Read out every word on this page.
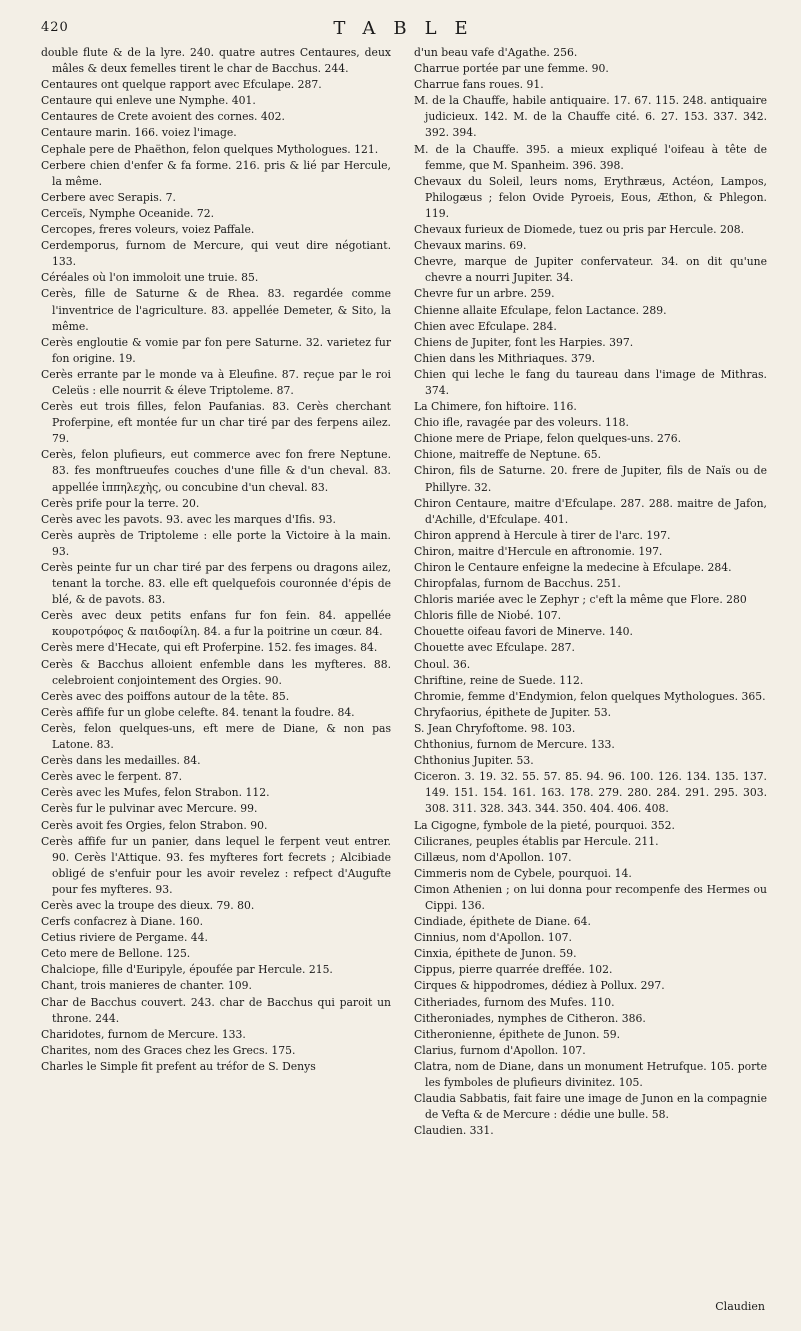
420	TABLE

double flute & de la lyre. 240. quatre autres Centaures, deux mâles & deux femelles tirent le char de Bacchus. 244.

Centaures ont quelque rapport avec Efculape. 287.

Centaure qui enleve une Nymphe. 401.

Centaures de Crete avoient des cornes. 402.

Centaure marin. 166. voiez l'image.

Cephale pere de Phaëthon, felon quelques Mythologues. 121.

Cerbere chien d'enfer & fa forme. 216. pris & lié par Hercule, la même.

Cerbere avec Serapis. 7.

Cerceïs, Nymphe Oceanide. 72.

Cercopes, freres voleurs, voiez Paffale.

Cerdemporus, furnom de Mercure, qui veut dire négotiant. 133.

Céréales où l'on immoloit une truie. 85.

Cerès, fille de Saturne & de Rhea. 83. regardée comme l'inventrice de l'agriculture. 83. appellée Demeter, & Sito, la même.

Cerès engloutie & vomie par fon pere Saturne. 32. varietez fur fon origine. 19.

Cerès errante par le monde va à Eleufine. 87. reçue par le roi Celeüs : elle nourrit & éleve Triptoleme. 87.

Cerès eut trois filles, felon Paufanias. 83. Cerès cherchant Proferpine, eft montée fur un char tiré par des ferpens ailez. 79.

Cerès, felon plufieurs, eut commerce avec fon frere Neptune. 83. fes monftrueufes couches d'une fille & d'un cheval. 83. appellée ἱππηλεχὴς, ou concubine d'un cheval. 83.

Cerès prife pour la terre. 20.

Cerès avec les pavots. 93. avec les marques d'Ifis. 93.

Cerès auprès de Triptoleme : elle porte la Victoire à la main. 93.

Cerès peinte fur un char tiré par des ferpens ou dragons ailez, tenant la torche. 83. elle eft quelquefois couronnée d'épis de blé, & de pavots. 83.

Cerès avec deux petits enfans fur fon fein. 84. appellée κουροτρόφος & παιδοφίλη. 84. a fur la poitrine un cœur. 84.

Cerès mere d'Hecate, qui eft Proferpine. 152. fes images. 84.

Cerès & Bacchus alloient enfemble dans les myfteres. 88. celebroient conjointement des Orgies. 90.

Cerès avec des poiffons autour de la tête. 85.

Cerès affife fur un globe celefte. 84. tenant la foudre. 84.

Cerès, felon quelques-uns, eft mere de Diane, & non pas Latone. 83.

Cerès dans les medailles. 84.

Cerès avec le ferpent. 87.

Cerès avec les Mufes, felon Strabon. 112.

Cerès fur le pulvinar avec Mercure. 99.

Cerès avoit fes Orgies, felon Strabon. 90.

Cerès affife fur un panier, dans lequel le ferpent veut entrer. 90. Cerès l'Attique. 93. fes myfteres fort fecrets ; Alcibiade obligé de s'enfuir pour les avoir revelez : refpect d'Augufte pour fes myfteres. 93.

Cerès avec la troupe des dieux. 79. 80.

Cerfs confacrez à Diane. 160.

Cetius riviere de Pergame. 44.

Ceto mere de Bellone. 125.

Chalciope, fille d'Euripyle, époufée par Hercule. 215.

Chant, trois manieres de chanter. 109.

Char de Bacchus couvert. 243. char de Bacchus qui paroit un throne. 244.

Charidotes, furnom de Mercure. 133.

Charites, nom des Graces chez les Grecs. 175.

Charles le Simple fit prefent au tréfor de S. Denys

d'un beau vafe d'Agathe. 256.

Charrue portée par une femme. 90.

Charrue fans roues. 91.

M. de la Chauffe, habile antiquaire. 17. 67. 115. 248. antiquaire judicieux. 142. M. de la Chauffe cité. 6. 27. 153. 337. 342. 392. 394.

M. de la Chauffe. 395. a mieux expliqué l'oifeau à tête de femme, que M. Spanheim. 396. 398.

Chevaux du Soleil, leurs noms, Erythræus, Actéon, Lampos, Philogæus ; felon Ovide Pyroeis, Eous, Æthon, & Phlegon. 119.

Chevaux furieux de Diomede, tuez ou pris par Hercule. 208.

Chevaux marins. 69.

Chevre, marque de Jupiter confervateur. 34. on dit qu'une chevre a nourri Jupiter. 34.

Chevre fur un arbre. 259.

Chienne allaite Efculape, felon Lactance. 289.

Chien avec Efculape. 284.

Chiens de Jupiter, font les Harpies. 397.

Chien dans les Mithriaques. 379.

Chien qui leche le fang du taureau dans l'image de Mithras. 374.

La Chimere, fon hiftoire. 116.

Chio ifle, ravagée par des voleurs. 118.

Chione mere de Priape, felon quelques-uns. 276.

Chione, maitreffe de Neptune. 65.

Chiron, fils de Saturne. 20. frere de Jupiter, fils de Naïs ou de Phillyre. 32.

Chiron Centaure, maitre d'Efculape. 287. 288. maitre de Jafon, d'Achille, d'Efculape. 401.

Chiron apprend à Hercule à tirer de l'arc. 197.

Chiron, maitre d'Hercule en aftronomie. 197.

Chiron le Centaure enfeigne la medecine à Efculape. 284.

Chiropfalas, furnom de Bacchus. 251.

Chloris mariée avec le Zephyr ; c'eft la même que Flore. 280

Chloris fille de Niobé. 107.

Chouette oifeau favori de Minerve. 140.

Chouette avec Efculape. 287.

Choul. 36.

Chriftine, reine de Suede. 112.

Chromie, femme d'Endymion, felon quelques Mythologues. 365.

Chryfaorius, épithete de Jupiter. 53.

S. Jean Chryfoftome. 98. 103.

Chthonius, furnom de Mercure. 133.

Chthonius Jupiter. 53.

Ciceron. 3. 19. 32. 55. 57. 85. 94. 96. 100. 126. 134. 135. 137. 149. 151. 154. 161. 163. 178. 279. 280. 284. 291. 295. 303. 308. 311. 328. 343. 344. 350. 404. 406. 408.

La Cigogne, fymbole de la pieté, pourquoi. 352.

Cilicranes, peuples établis par Hercule. 211.

Cillæus, nom d'Apollon. 107.

Cimmeris nom de Cybele, pourquoi. 14.

Cimon Athenien ; on lui donna pour recompenfe des Hermes ou Cippi. 136.

Cindiade, épithete de Diane. 64.

Cinnius, nom d'Apollon. 107.

Cinxia, épithete de Junon. 59.

Cippus, pierre quarrée dreffée. 102.

Cirques & hippodromes, dédiez à Pollux. 297.

Citheriades, furnom des Mufes. 110.

Citheroniades, nymphes de Citheron. 386.

Citheronienne, épithete de Junon. 59.

Clarius, furnom d'Apollon. 107.

Clatra, nom de Diane, dans un monument Hetrufque. 105. porte les fymboles de plufieurs divinitez. 105.

Claudia Sabbatis, fait faire une image de Junon en la compagnie de Vefta & de Mercure : dédie une bulle. 58.

Claudien. 331.

Claudien
